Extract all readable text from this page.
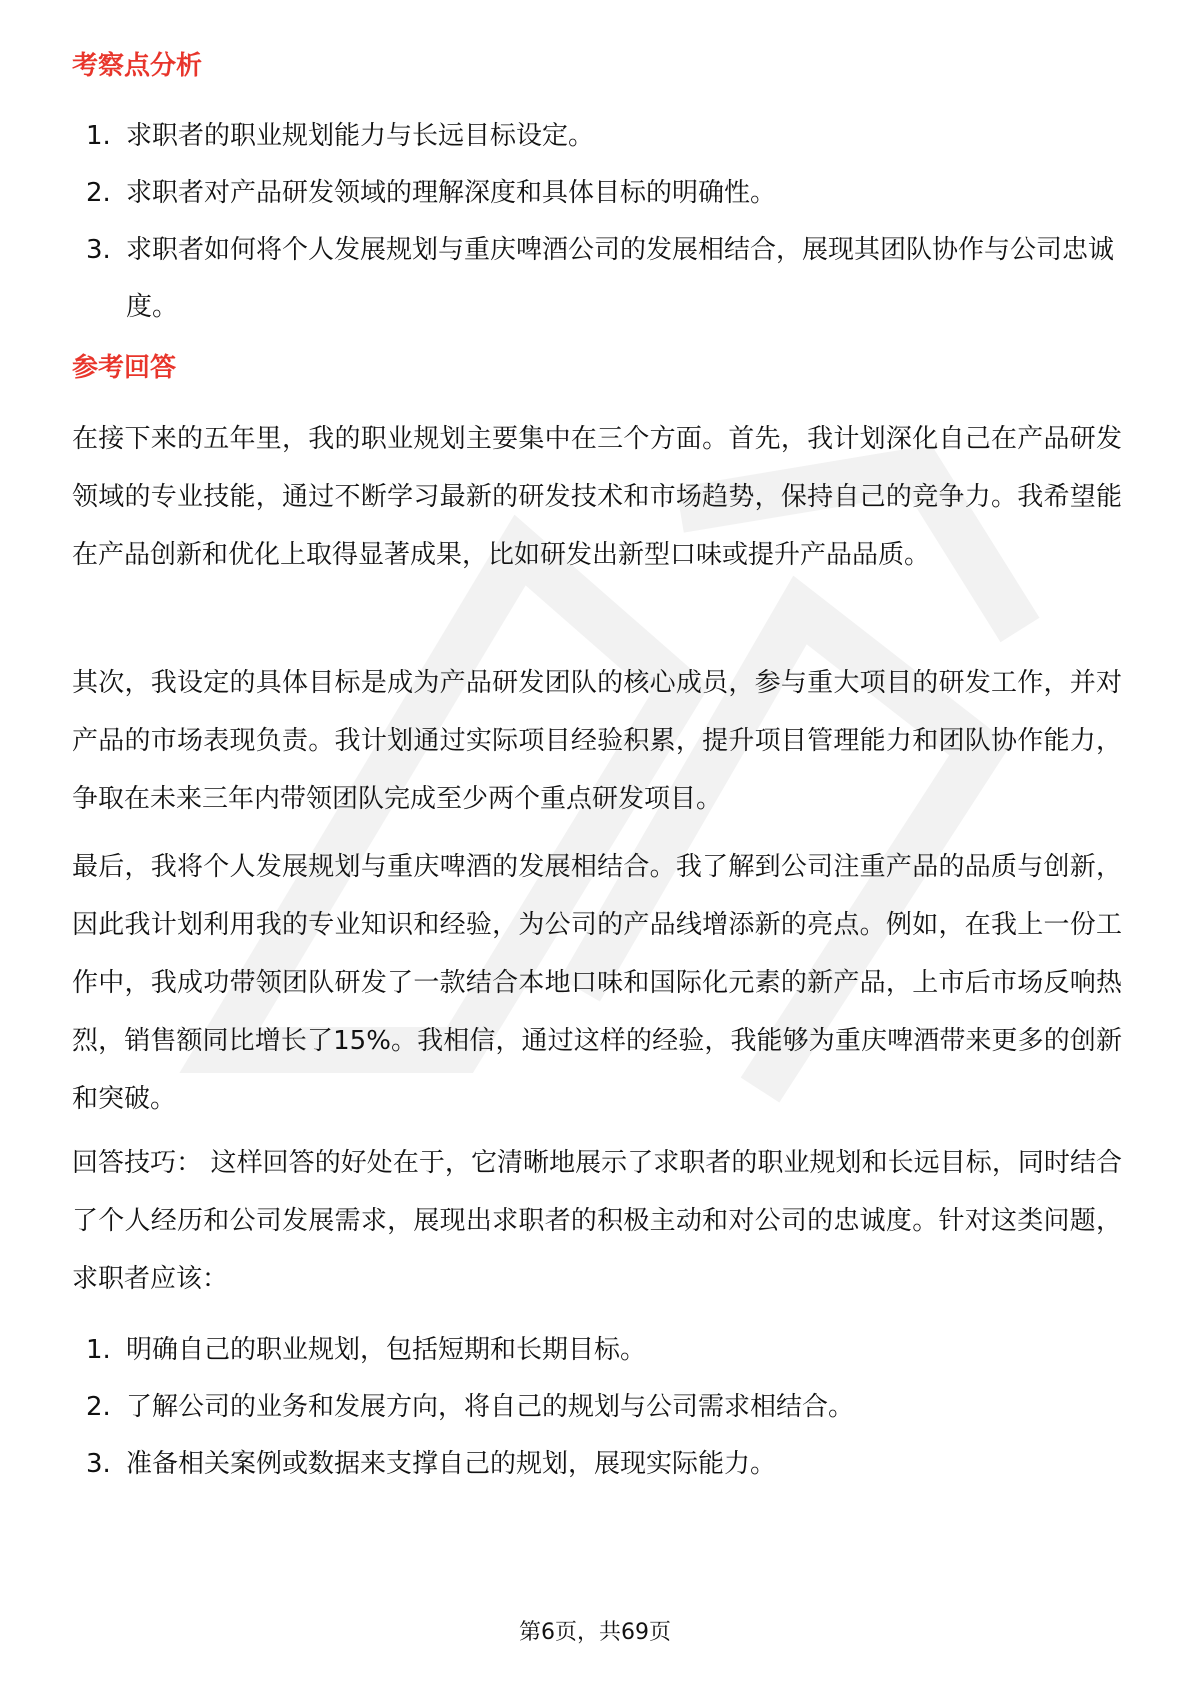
考察点分析
1. 求职者的职业规划能力与长远目标设定。
2. 求职者对产品研发领域的理解深度和具体目标的明确性。
3. 求职者如何将个人发展规划与重庆啤酒公司的发展相结合，展现其团队协作与公司忠诚度。
参考回答

在接下来的五年里，我的职业规划主要集中在三个方面。首先，我计划深化自己在产品研发领域的专业技能，通过不断学习最新的研发技术和市场趋势，保持自己的竞争力。我希望能在产品创新和优化上取得显著成果，比如研发出新型口味或提升产品品质。

其次，我设定的具体目标是成为产品研发团队的核心成员，参与重大项目的研发工作，并对产品的市场表现负责。我计划通过实际项目经验积累，提升项目管理能力和团队协作能力，争取在未来三年内带领团队完成至少两个重点研发项目。

最后，我将个人发展规划与重庆啤酒的发展相结合。我了解到公司注重产品的品质与创新，因此我计划利用我的专业知识和经验，为公司的产品线增添新的亮点。例如，在我上一份工作中，我成功带领团队研发了一款结合本地口味和国际化元素的新产品，上市后市场反响热烈，销售额同比增长了15%。我相信，通过这样的经验，我能够为重庆啤酒带来更多的创新和突破。

回答技巧： 这样回答的好处在于，它清晰地展示了求职者的职业规划和长远目标，同时结合了个人经历和公司发展需求，展现出求职者的积极主动和对公司的忠诚度。针对这类问题，求职者应该：

1. 明确自己的职业规划，包括短期和长期目标。
2. 了解公司的业务和发展方向，将自己的规划与公司需求相结合。
3. 准备相关案例或数据来支撑自己的规划，展现实际能力。
第6页，共69页
